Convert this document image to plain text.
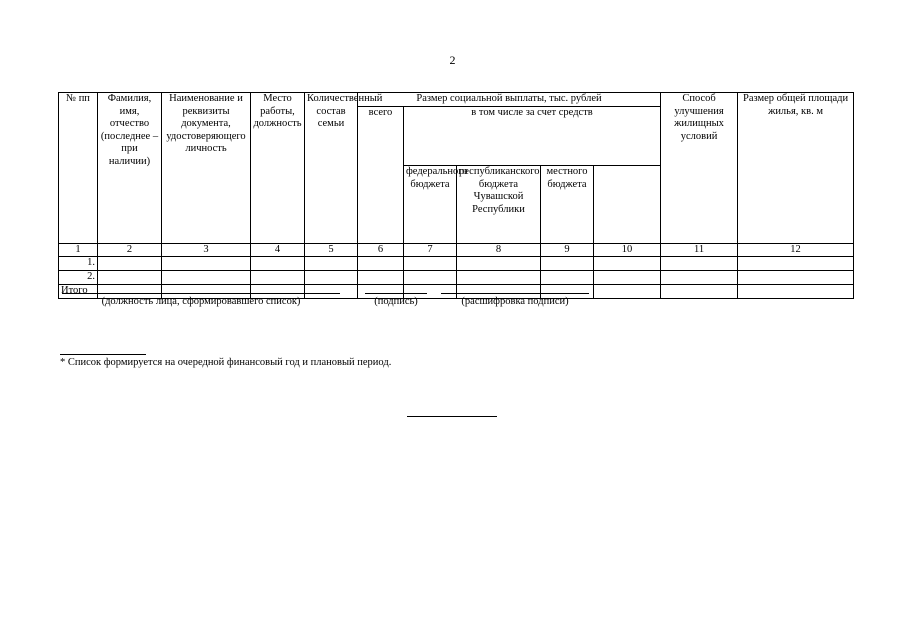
2
№ пп	Фамилия, имя, отчество (последнее – при наличии)	Наименование и реквизиты документа, удостоверяющего личность	Место работы, должность	Количественный состав семьи	Размер социальной выплаты, тыс. рублей					Способ улучшения жилищных условий	Размер общей площади жилья, кв. м	
					всего	в том числе за счет средств						
						федерального бюджета	республиканского бюджета Чувашской Республики	местного бюджета				
1	2	3	4	5	6	7	8	9	10	11	12	
1.												
2.												
Итого												
(должность лица, сформировавшего список)	(подпись)	(расшифровка подписи)
* Список формируется на очередной финансовый год и плановый период.
